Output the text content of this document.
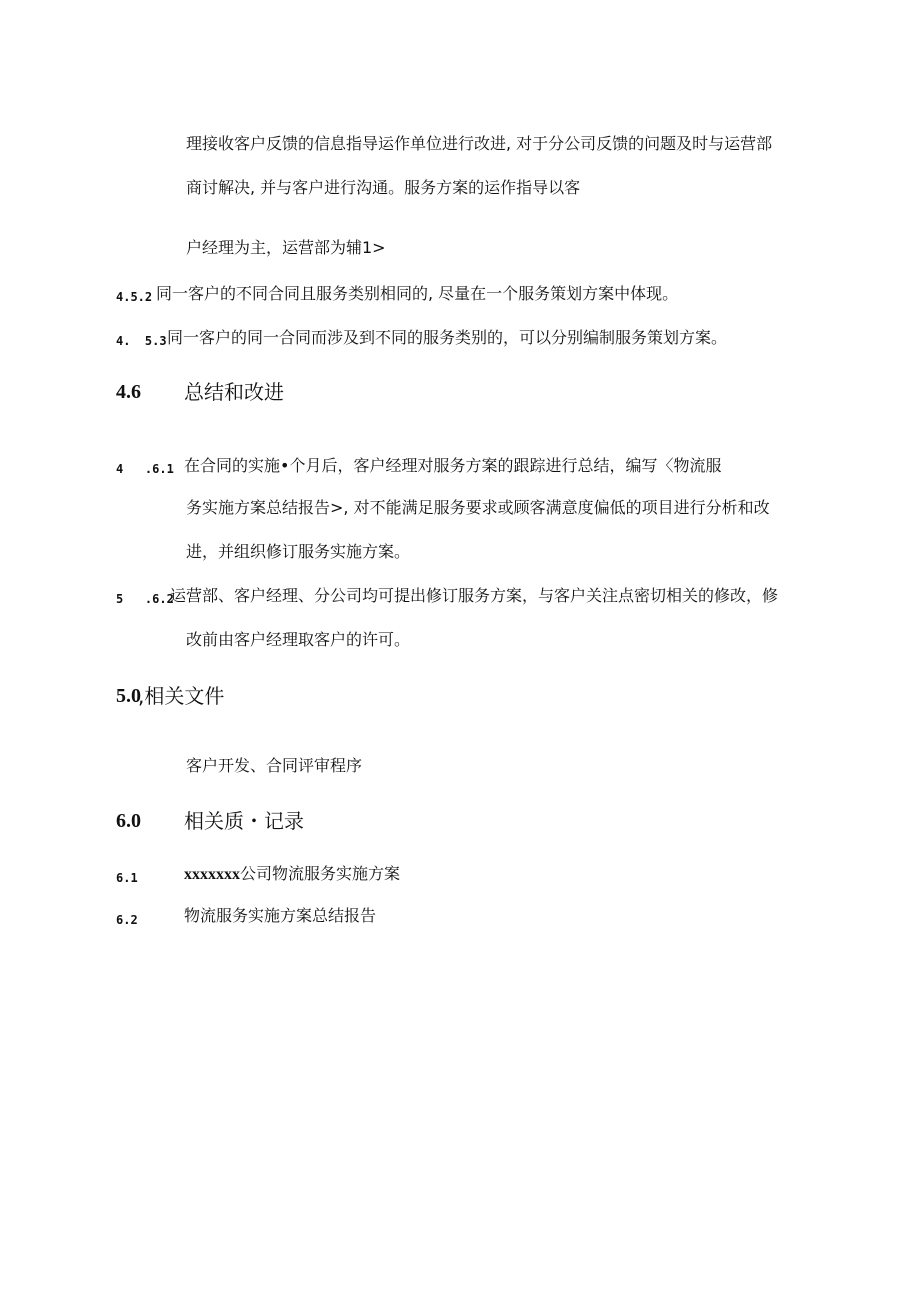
理接收客户反馈的信息指导运作单位进行改进, 对于分公司反馈的问题及时与运营部
商讨解决, 并与客户进行沟通。服务方案的运作指导以客
户经理为主，运营部为辅1>
4.5.2 同一客户的不同合同且服务类别相同的, 尽量在一个服务策划方案中体现。
4.  5.3 同一客户的同一合同而涉及到不同的服务类别的，可以分别编制服务策划方案。
4.6 总结和改进
4   .6.1 在合同的实施•个月后，客户经理对服务方案的跟踪进行总结，编写〈物流服
务实施方案总结报告>, 对不能满足服务要求或顾客满意度偏低的项目进行分析和改
进，并组织修订服务实施方案。
5   .6.2
运营部、客户经理、分公司均可提出修订服务方案，与客户关注点密切相关的修改，修
改前由客户经理取客户的许可。
5.0
,相关文件
客户开发、合同评审程序
6.0 相关质・记录
6.1	xxxxxxx公司物流服务实施方案
6.2	物流服务实施方案总结报告
